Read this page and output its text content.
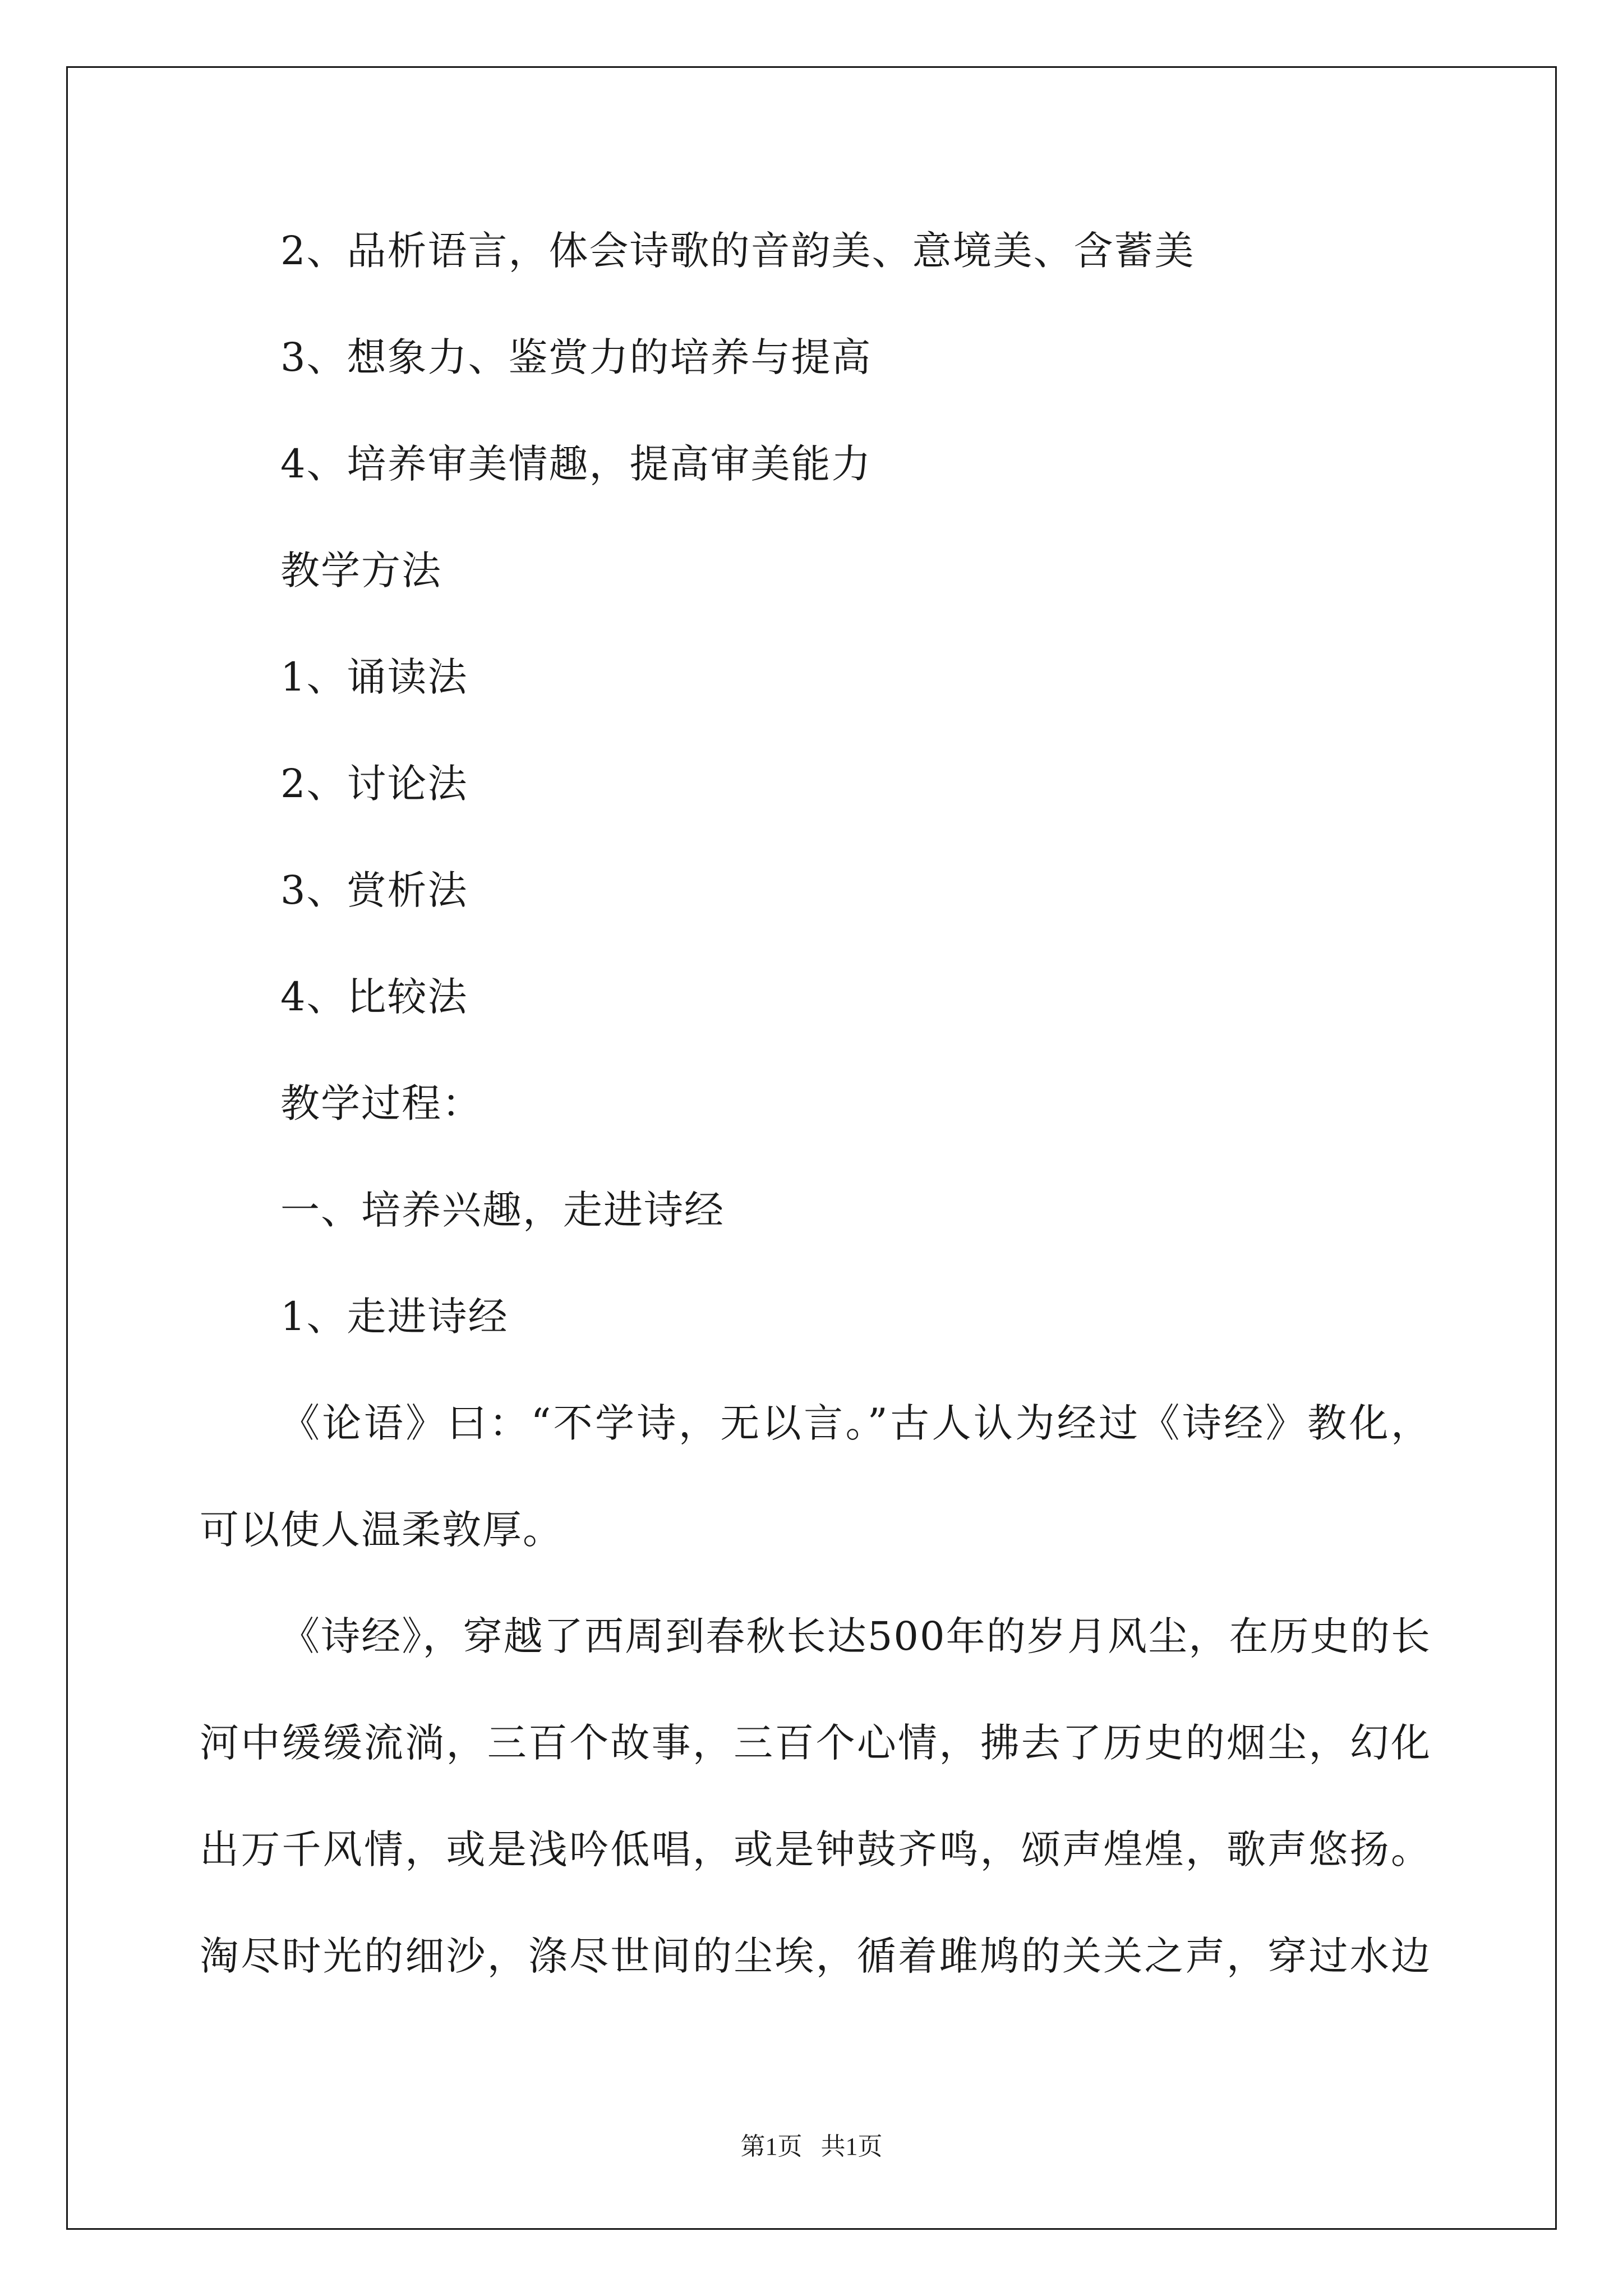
2、品析语言，体会诗歌的音韵美、意境美、含蓄美
3、想象力、鉴赏力的培养与提高
4、培养审美情趣，提高审美能力
教学方法
1、诵读法
2、讨论法
3、赏析法
4、比较法
教学过程：
一、培养兴趣，走进诗经
1、走进诗经
《论语》曰：“不学诗，无以言。”古人认为经过《诗经》教化，
可以使人温柔敦厚。
《诗经》，穿越了西周到春秋长达500年的岁月风尘，在历史的长
河中缓缓流淌，三百个故事，三百个心情，拂去了历史的烟尘，幻化
出万千风情，或是浅吟低唱，或是钟鼓齐鸣，颂声煌煌，歌声悠扬。
淘尽时光的细沙，涤尽世间的尘埃，循着雎鸠的关关之声，穿过水边
第1页   共1页
